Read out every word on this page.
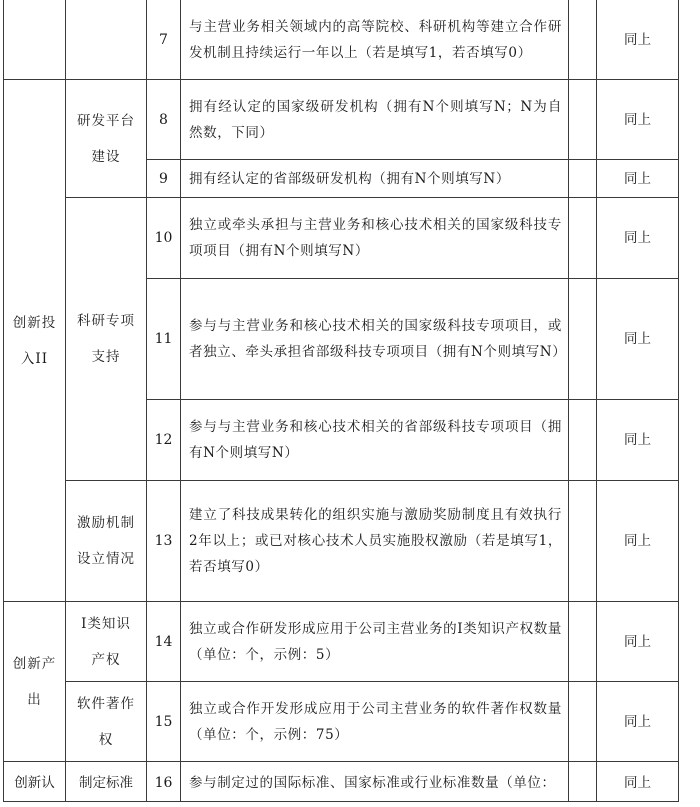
		7	与主营业务相关领域内的高等院校、科研机构等建立合作研发机制且持续运行一年以上（若是填写1，若否填写0）		同上
创新投入II	研发平台建设	8	拥有经认定的国家级研发机构（拥有N个则填写N；N为自然数，下同）		同上
		9	拥有经认定的省部级研发机构（拥有N个则填写N）		同上
	科研专项支持	10	独立或牵头承担与主营业务和核心技术相关的国家级科技专项项目（拥有N个则填写N）		同上
		11	参与与主营业务和核心技术相关的国家级科技专项项目，或者独立、牵头承担省部级科技专项项目（拥有N个则填写N）		同上
		12	参与与主营业务和核心技术相关的省部级科技专项项目（拥有N个则填写N）		同上
	激励机制设立情况	13	建立了科技成果转化的组织实施与激励奖励制度且有效执行2年以上；或已对核心技术人员实施股权激励（若是填写1，若否填写0）		同上
创新产出	I类知识产权	14	独立或合作研发形成应用于公司主营业务的Ⅰ类知识产权数量（单位：个，示例：5）		同上
	软件著作权	15	独立或合作开发形成应用于公司主营业务的软件著作权数量（单位：个，示例：75）		同上
创新认	制定标准	16	参与制定过的国际标准、国家标准或行业标准数量（单位：		同上
